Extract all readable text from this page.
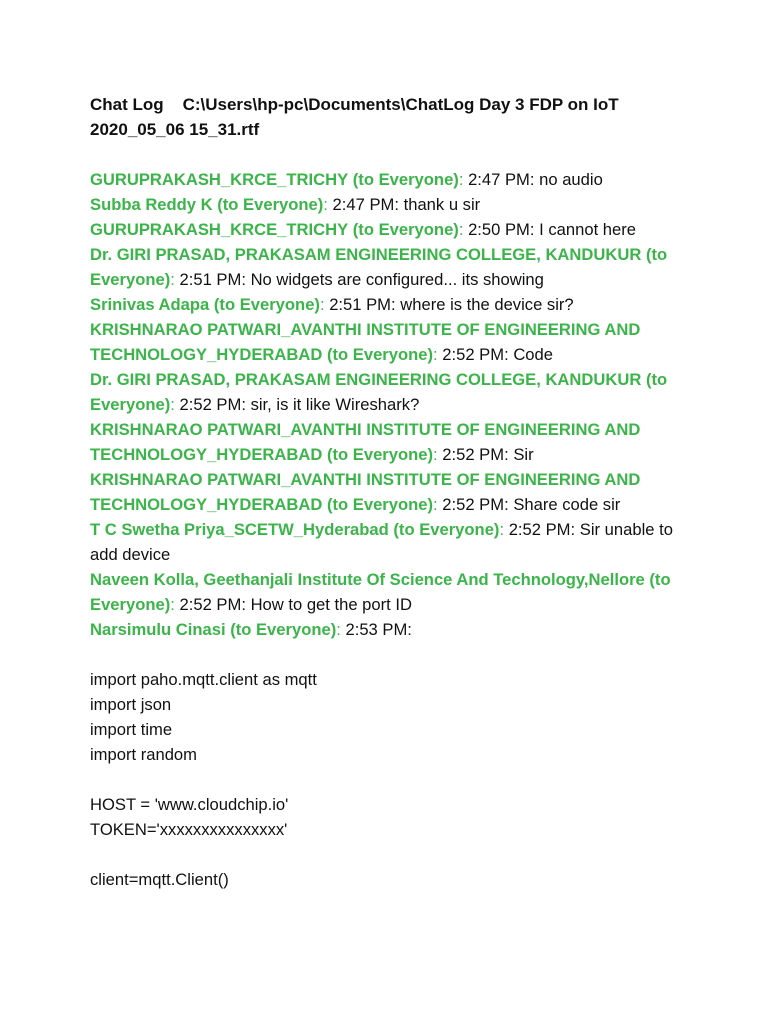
Chat Log C:\Users\hp-pc\Documents\ChatLog Day 3 FDP on IoT 2020_05_06 15_31.rtf

GURUPRAKASH_KRCE_TRICHY (to Everyone): 2:47 PM: no audio

Subba Reddy K (to Everyone): 2:47 PM: thank u sir

GURUPRAKASH_KRCE_TRICHY (to Everyone): 2:50 PM: I cannot here

Dr. GIRI PRASAD, PRAKASAM ENGINEERING COLLEGE, KANDUKUR (to Everyone): 2:51 PM: No widgets are configured... its showing

Srinivas Adapa (to Everyone): 2:51 PM: where is the device sir?

KRISHNARAO PATWARI_AVANTHI INSTITUTE OF ENGINEERING AND TECHNOLOGY_HYDERABAD (to Everyone): 2:52 PM: Code

Dr. GIRI PRASAD, PRAKASAM ENGINEERING COLLEGE, KANDUKUR (to Everyone): 2:52 PM: sir, is it like Wireshark?

KRISHNARAO PATWARI_AVANTHI INSTITUTE OF ENGINEERING AND TECHNOLOGY_HYDERABAD (to Everyone): 2:52 PM: Sir

KRISHNARAO PATWARI_AVANTHI INSTITUTE OF ENGINEERING AND TECHNOLOGY_HYDERABAD (to Everyone): 2:52 PM: Share code sir

T C Swetha Priya_SCETW_Hyderabad (to Everyone): 2:52 PM: Sir unable to add device

Naveen Kolla, Geethanjali Institute Of Science And Technology,Nellore (to Everyone): 2:52 PM: How to get the port ID

Narsimulu Cinasi (to Everyone): 2:53 PM:

import paho.mqtt.client as mqtt

import json

import time

import random

HOST = 'www.cloudchip.io'

TOKEN='xxxxxxxxxxxxxxx'

client=mqtt.Client()
